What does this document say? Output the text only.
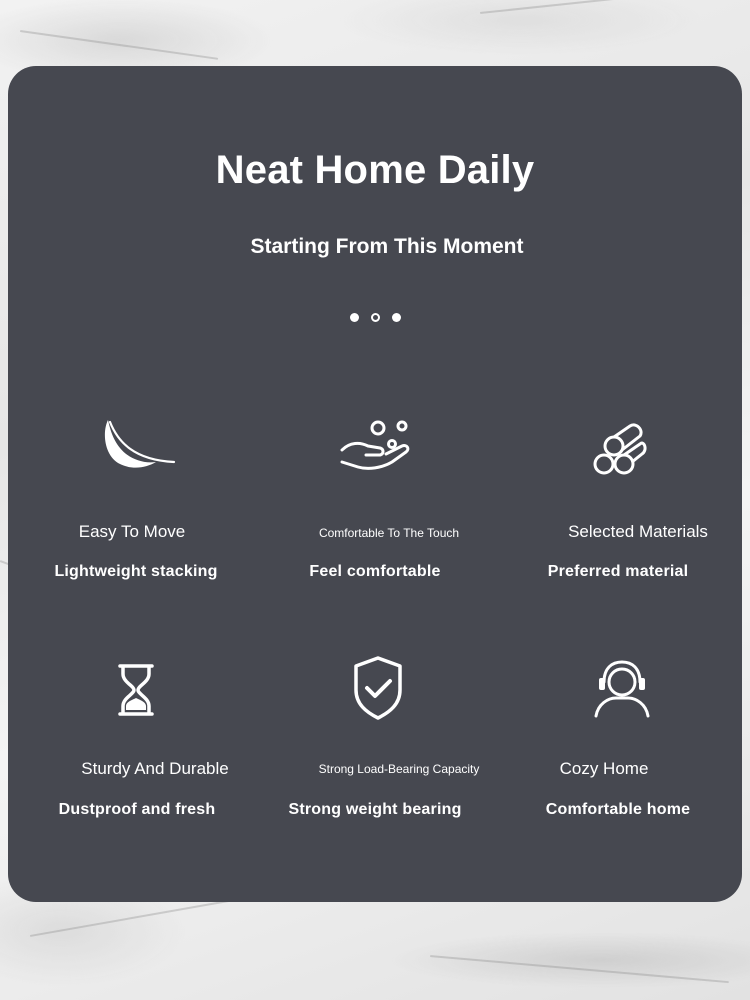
Neat Home Daily
Starting From This Moment
Easy To Move
Lightweight stacking
Comfortable To The Touch
Feel comfortable
Selected Materials
Preferred material
Sturdy And Durable
Dustproof and fresh
Strong Load-Bearing Capacity
Strong weight bearing
Cozy Home
Comfortable home
